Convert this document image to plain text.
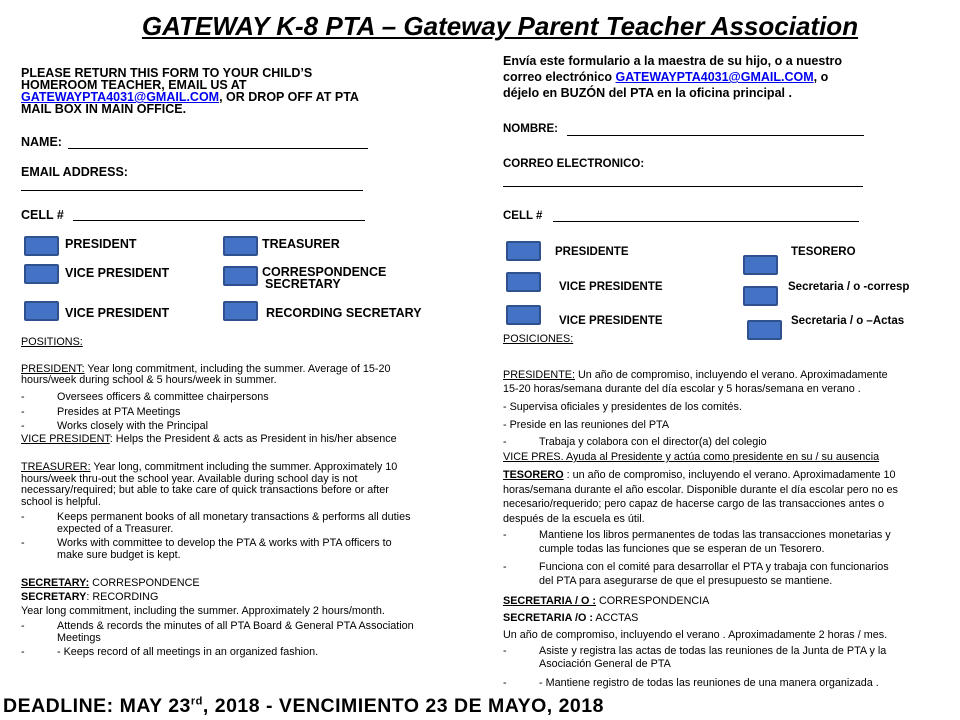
GATEWAY K-8 PTA – Gateway Parent Teacher Association
PLEASE RETURN THIS FORM TO YOUR CHILD’S
HOMEROOM TEACHER, EMAIL US AT
GATEWAYPTA4031@GMAIL.COM, OR DROP OFF AT PTA
MAIL BOX IN MAIN OFFICE.
NAME:
EMAIL ADDRESS:
CELL #
PRESIDENT	TREASURER
VICE PRESIDENT	CORRESPONDENCE
SECRETARY
VICE PRESIDENT	RECORDING SECRETARY
POSITIONS:
PRESIDENT: Year long commitment, including the summer. Average of 15-20
hours/week during school & 5 hours/week in summer.
-	Oversees officers & committee chairpersons
-	Presides at PTA Meetings
-	Works closely with the Principal
VICE PRESIDENT: Helps the President & acts as President in his/her absence
TREASURER: Year long, commitment including the summer. Approximately 10
hours/week thru-out the school year. Available during school day is not
necessary/required; but able to take care of quick transactions before or after
school is helpful.
-	Keeps permanent books of all monetary transactions & performs all duties
expected of a Treasurer.
-	Works with committee to develop the PTA & works with PTA officers to
make sure budget is kept.
SECRETARY: CORRESPONDENCE
SECRETARY: RECORDING
Year long commitment, including the summer. Approximately 2 hours/month.
-	Attends & records the minutes of all PTA Board & General PTA Association
Meetings
-	- Keeps record of all meetings in an organized fashion.
Envía este formulario a la maestra de su hijo, o a nuestro
correo electrónico GATEWAYPTA4031@GMAIL.COM, o
déjelo en BUZÓN del PTA en la oficina principal .
NOMBRE:
CORREO ELECTRONICO:
CELL #
PRESIDENTE	TESORERO
VICE PRESIDENTE	Secretaria / o -corresp
VICE PRESIDENTE	Secretaria / o –Actas
POSICIONES:
PRESIDENTE: Un año de compromiso, incluyendo el verano. Aproximadamente
15-20 horas/semana durante del día escolar y 5 horas/semana en verano .
- Supervisa oficiales y presidentes de los comités.
- Preside en las reuniones del PTA
-	Trabaja y colabora con el director(a) del colegio
VICE PRES. Ayuda al Presidente y actúa como presidente en su / su ausencia
TESORERO : un año de compromiso, incluyendo el verano. Aproximadamente 10
horas/semana durante el año escolar. Disponible durante el día escolar pero no es
necesario/requerido; pero capaz de hacerse cargo de las transacciones antes o
después de la escuela es útil.
-	Mantiene los libros permanentes de todas las transacciones monetarias y
cumple todas las funciones que se esperan de un Tesorero.
-	Funciona con el comité para desarrollar el PTA y trabaja con funcionarios
del PTA para asegurarse de que el presupuesto se mantiene.
SECRETARIA / O : CORRESPONDENCIA
SECRETARIA /O : ACCTAS
Un año de compromiso, incluyendo el verano . Aproximadamente 2 horas / mes.
-	Asiste y registra las actas de todas las reuniones de la Junta de PTA y la
Asociación General de PTA
-	- Mantiene registro de todas las reuniones de una manera organizada .
DEADLINE: MAY 23rd, 2018 - VENCIMIENTO 23 DE MAYO, 2018
